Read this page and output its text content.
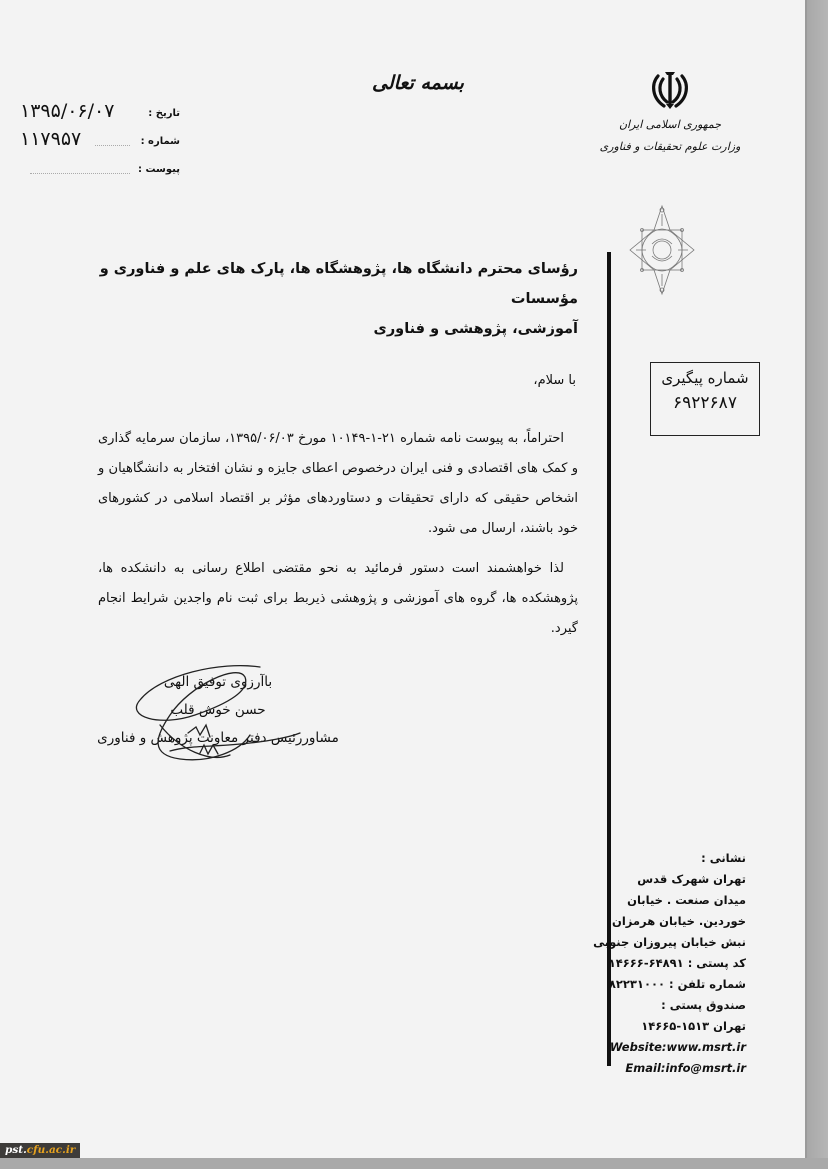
بسمه تعالی
۱۳۹۵/۰۶/۰۷	تاریخ :
۱۱۷۹۵۷	شماره :
پیوست :
جمهوری اسلامی ایران
وزارت علوم تحقیقات و فناوری
شماره پیگیری
۶۹۲۲۶۸۷
رؤسای محترم دانشگاه ها، پژوهشگاه ها، پارک های علم و فناوری و مؤسسات
آموزشی، پژوهشی و فناوری
با سلام،
احتراماً، به پیوست نامه شماره ۲۱-۱-۱۰۱۴۹ مورخ ۱۳۹۵/۰۶/۰۳، سازمان سرمایه گذاری و کمک های اقتصادی و فنی ایران درخصوص اعطای جایزه و نشان افتخار به دانشگاهیان و اشخاص حقیقی که دارای تحقیقات و دستاوردهای مؤثر بر اقتصاد اسلامی در کشورهای خود باشند، ارسال می شود.
لذا خواهشمند است دستور فرمائید به نحو مقتضی اطلاع رسانی به دانشکده ها، پژوهشکده ها، گروه های آموزشی و پژوهشی ذیربط برای ثبت نام واجدین شرایط انجام گیرد.
باآرزوی توفیق الهی
حسن خوش قلب
مشاوررئیس دفتر معاونت پژوهش و فناوری
نشانی :
تهران شهرک قدس
میدان صنعت . خیابان
خوردین. خیابان هرمزان
نبش خیابان پیروزان جنوبی
کد پستی : ۶۴۸۹۱-۱۴۶۶۶
شماره تلفن : ۸۲۲۳۱۰۰۰
صندوق پستی :
تهران ۱۵۱۳-۱۴۶۶۵
Website:www.msrt.ir
Email:info@msrt.ir
pst.cfu.ac.ir
